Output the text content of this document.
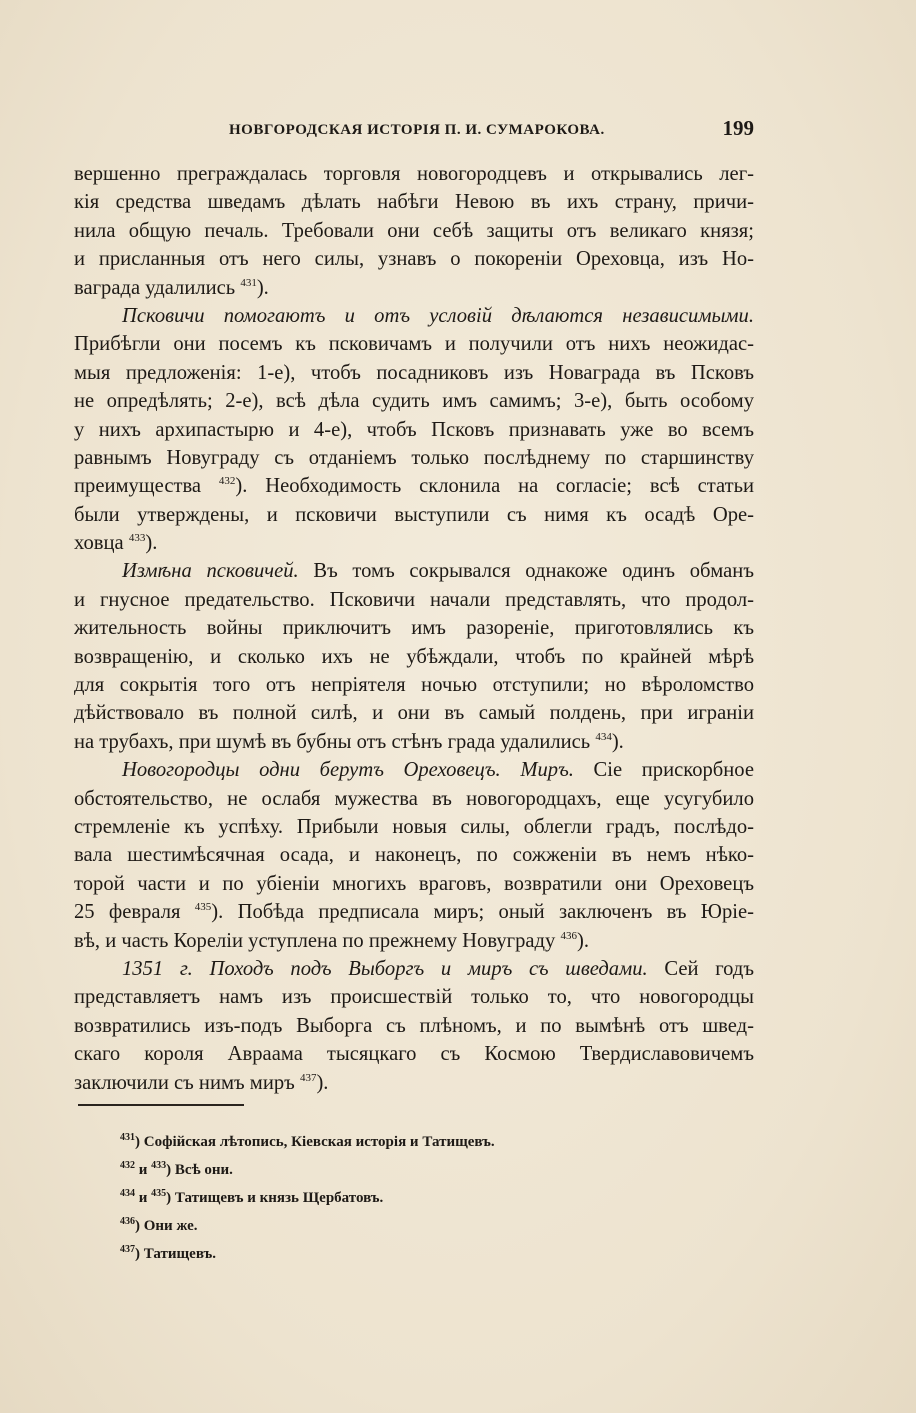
НОВГОРОДСКАЯ ИСТОРІЯ П. И. СУМАРОКОВА.	199
вершенно преграждалась торговля новогородцевъ и открывались лег-
кія средства шведамъ дѣлать набѣги Невою въ ихъ страну, причи-
нила общую печаль. Требовали они себѣ защиты отъ великаго князя;
и присланныя отъ него силы, узнавъ о покореніи Ореховца, изъ Но-
ваграда удалились $^{431}$).
Псковичи помогаютъ и отъ условій дѣлаются независимыми.
Прибѣгли они посемъ къ псковичамъ и получили отъ нихъ неожидас-
мыя предложенія: 1-е), чтобъ посадниковъ изъ Новаграда въ Псковъ
не опредѣлять; 2-е), всѣ дѣла судить имъ самимъ; 3-е), быть особому
у нихъ архипастырю и 4-е), чтобъ Псковъ признавать уже во всемъ
равнымъ Новуграду съ отданіемъ только послѣднему по старшинству
преимущества $^{432}$). Необходимость склонила на согласіе; всѣ статьи
были утверждены, и псковичи выступили съ нимя къ осадѣ Оре-
ховца $^{433}$).
Измѣна псковичей. Въ томъ сокрывался однакоже одинъ обманъ
и гнусное предательство. Псковичи начали представлять, что продол-
жительность войны приключитъ имъ разореніе, приготовлялись къ
возвращенію, и сколько ихъ не убѣждали, чтобъ по крайней мѣрѣ
для сокрытія того отъ непріятеля ночью отступили; но вѣроломство
дѣйствовало въ полной силѣ, и они въ самый полдень, при играніи
на трубахъ, при шумѣ въ бубны отъ стѣнъ града удалились $^{434}$).
Новогородцы одни берутъ Ореховецъ. Миръ. Сіе прискорбное
обстоятельство, не ослабя мужества въ новогородцахъ, еще усугубило
стремленіе къ успѣху. Прибыли новыя силы, облегли градъ, послѣдо-
вала шестимѣсячная осада, и наконецъ, по сожженіи въ немъ нѣко-
торой части и по убіеніи многихъ враговъ, возвратили они Ореховецъ
25 февраля $^{435}$). Побѣда предписала миръ; оный заключенъ въ Юріе-
вѣ, и часть Кореліи уступлена по прежнему Новуграду $^{436}$).
1351 г. Походъ подъ Выборгъ и миръ съ шведами. Сей годъ
представляетъ намъ изъ происшествій только то, что новогородцы
возвратились изъ-подъ Выборга съ плѣномъ, и по вымѣнѣ отъ швед-
скаго короля Авраама тысяцкаго съ Космою Твердиславовичемъ
заключили съ нимъ миръ $^{437}$).
$^{431}$) Софійская лѣтопись, Кіевская исторія и Татищевъ.
$^{432}$ и $^{433}$) Всѣ они.
$^{434}$ и $^{435}$) Татищевъ и князь Щербатовъ.
$^{436}$) Они же.
$^{437}$) Татищевъ.
